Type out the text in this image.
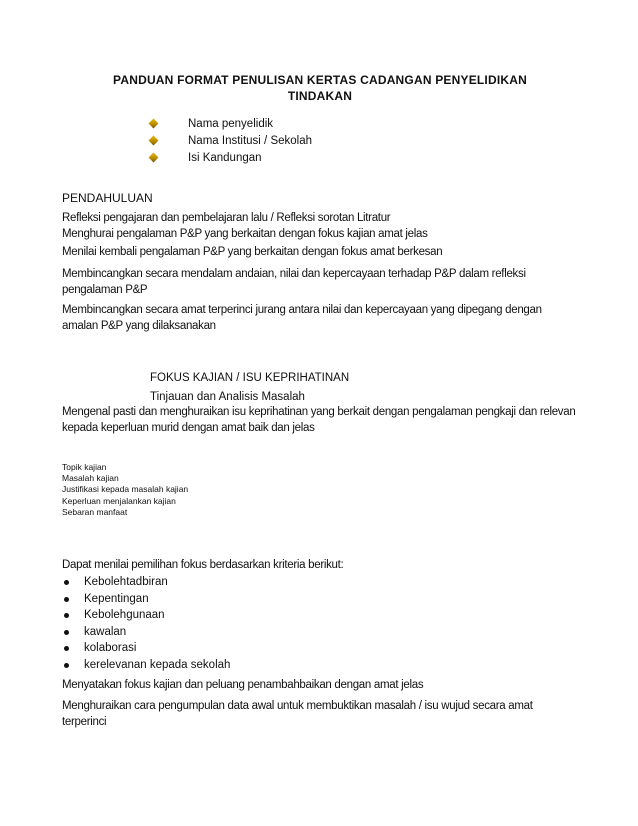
PANDUAN FORMAT PENULISAN KERTAS CADANGAN PENYELIDIKAN
TINDAKAN
Nama penyelidik
Nama Institusi / Sekolah
Isi Kandungan
PENDAHULUAN
Refleksi pengajaran dan pembelajaran lalu / Refleksi sorotan Litratur
Menghurai pengalaman P&P yang berkaitan dengan fokus kajian amat jelas
Menilai kembali pengalaman P&P yang berkaitan dengan fokus amat berkesan
Membincangkan secara mendalam andaian, nilai dan kepercayaan terhadap P&P dalam refleksi
pengalaman P&P
Membincangkan secara amat terperinci jurang antara nilai dan kepercayaan yang dipegang dengan
amalan P&P yang dilaksanakan
FOKUS KAJIAN / ISU KEPRIHATINAN
Tinjauan dan Analisis Masalah
Mengenal pasti dan menghuraikan isu keprihatinan yang berkait dengan pengalaman pengkaji dan relevan
kepada keperluan murid dengan amat baik dan jelas
Topik kajian
Masalah kajian
Justifikasi kepada masalah kajian
Keperluan menjalankan kajian
Sebaran manfaat
Dapat menilai pemilihan fokus berdasarkan kriteria berikut:
Kebolehtadbiran
Kepentingan
Kebolehgunaan
kawalan
kolaborasi
kerelevanan kepada sekolah
Menyatakan fokus kajian dan peluang penambahbaikan dengan amat jelas
Menghuraikan cara pengumpulan data awal untuk membuktikan masalah / isu wujud secara amat
terperinci
